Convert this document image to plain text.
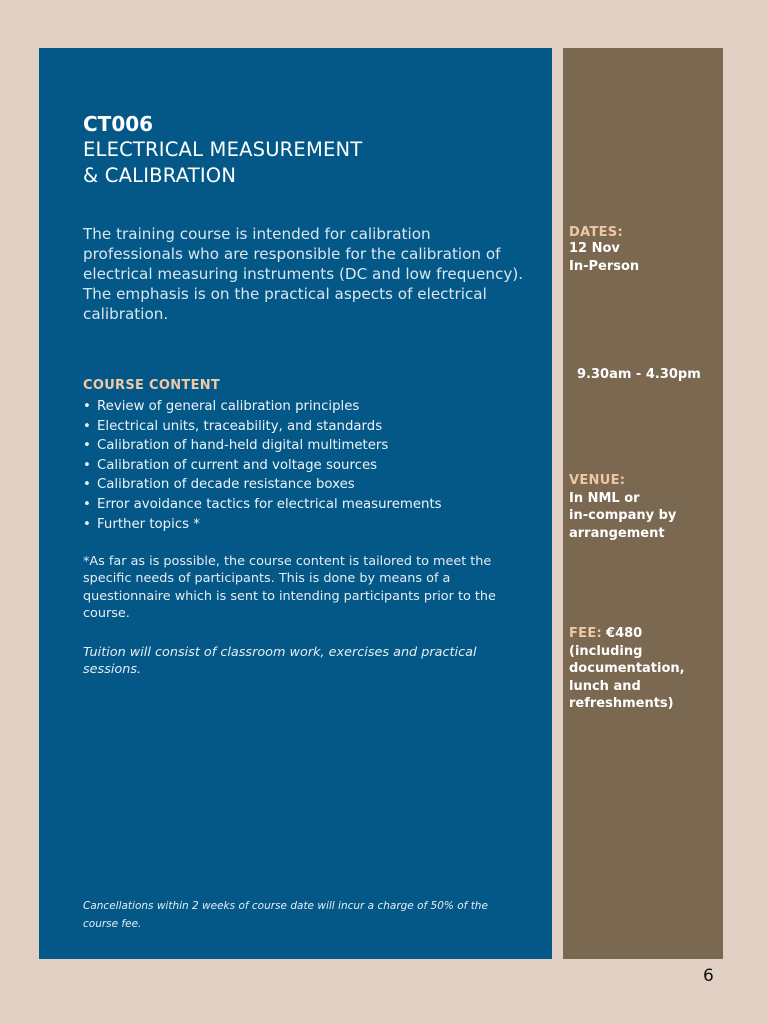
CT006
ELECTRICAL MEASUREMENT
& CALIBRATION
The training course is intended for calibration professionals who are responsible for the calibration of electrical measuring instruments (DC and low frequency). The emphasis is on the practical aspects of electrical calibration.
COURSE CONTENT
• Review of general calibration principles
• Electrical units, traceability, and standards
• Calibration of hand-held digital multimeters
• Calibration of current and voltage sources
• Calibration of decade resistance boxes
• Error avoidance tactics for electrical measurements
• Further topics *
*As far as is possible, the course content is tailored to meet the specific needs of participants. This is done by means of a questionnaire which is sent to intending participants prior to the course.
Tuition will consist of classroom work, exercises and practical sessions.
Cancellations within 2 weeks of course date will incur a charge of 50% of the course fee.
DATES:
12 Nov
In-Person
9.30am - 4.30pm
VENUE:
In NML or
in-company by
arrangement
FEE: €480
(including
documentation,
lunch and
refreshments)
6
